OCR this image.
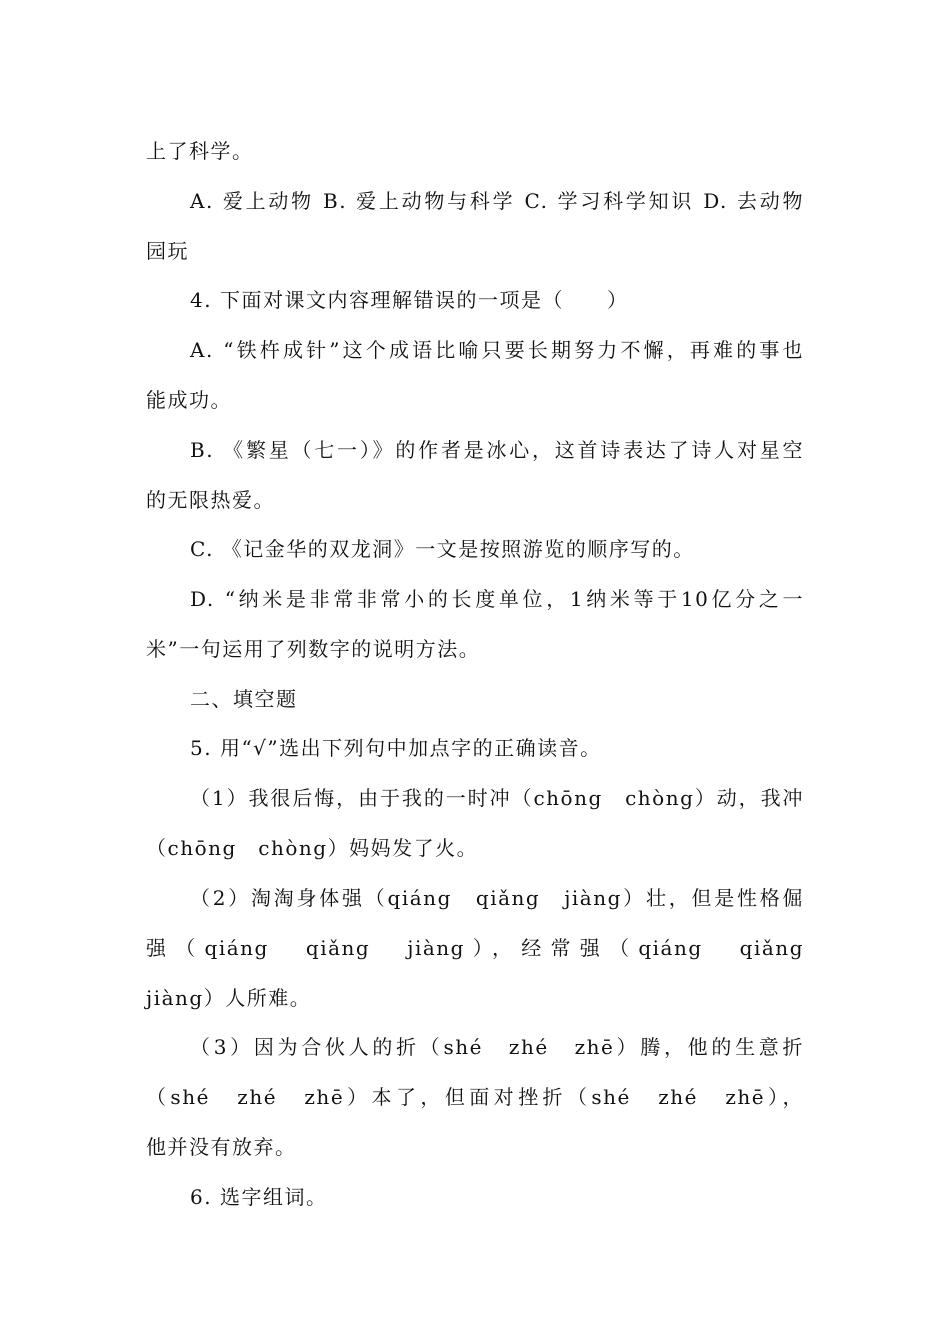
上了科学。
A. 爱上动物 B. 爱上动物与科学 C. 学习科学知识 D. 去动物
园玩
4. 下面对课文内容理解错误的一项是（　　）
A. “铁杵成针”这个成语比喻只要长期努力不懈，再难的事也
能成功。
B. 《繁星（七一）》的作者是冰心，这首诗表达了诗人对星空
的无限热爱。
C. 《记金华的双龙洞》一文是按照游览的顺序写的。
D. “纳米是非常非常小的长度单位，1纳米等于10亿分之一
米”一句运用了列数字的说明方法。
二、填空题
5. 用“√”选出下列句中加点字的正确读音。
（1）我很后悔，由于我的一时冲（chōng　chòng）动，我冲
（chōng　chòng）妈妈发了火。
（2）淘淘身体强（qiáng　qiǎng　jiàng）壮，但是性格倔
强（qiáng　qiǎng　jiàng），经常强（qiáng　qiǎng
jiàng）人所难。
（3）因为合伙人的折（shé　zhé　zhē）腾，他的生意折
（shé　zhé　zhē）本了，但面对挫折（shé　zhé　zhē），
他并没有放弃。
6. 选字组词。
